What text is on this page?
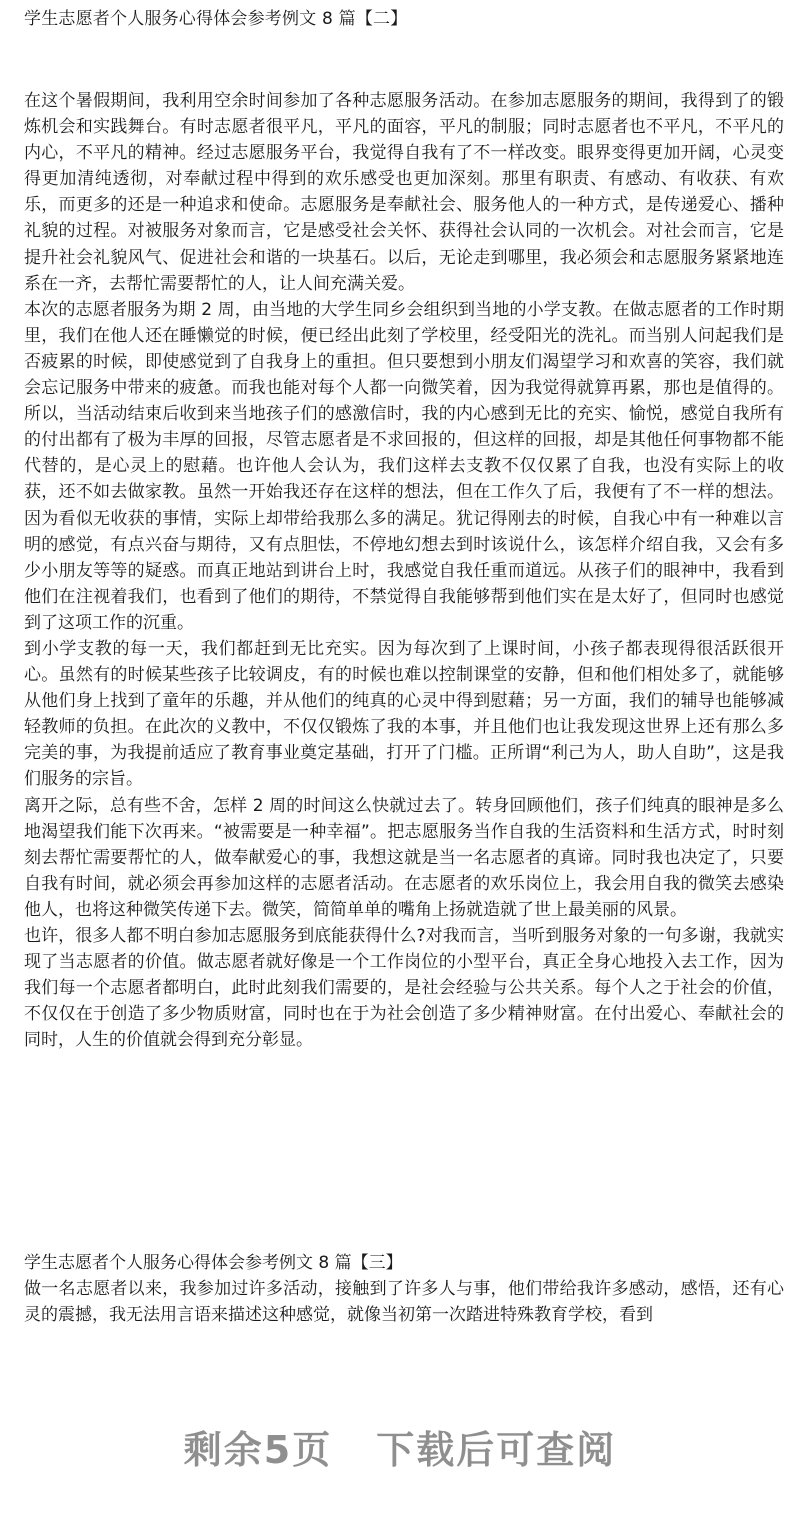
学生志愿者个人服务心得体会参考例文 8 篇【二】

在这个暑假期间，我利用空余时间参加了各种志愿服务活动。在参加志愿服务的期间，我得到了的锻炼机会和实践舞台。有时志愿者很平凡，平凡的面容，平凡的制服；同时志愿者也不平凡，不平凡的内心，不平凡的精神。经过志愿服务平台，我觉得自我有了不一样改变。眼界变得更加开阔，心灵变得更加清纯透彻，对奉献过程中得到的欢乐感受也更加深刻。那里有职责、有感动、有收获、有欢乐，而更多的还是一种追求和使命。志愿服务是奉献社会、服务他人的一种方式，是传递爱心、播种礼貌的过程。对被服务对象而言，它是感受社会关怀、获得社会认同的一次机会。对社会而言，它是提升社会礼貌风气、促进社会和谐的一块基石。以后，无论走到哪里，我必须会和志愿服务紧紧地连系在一齐，去帮忙需要帮忙的人，让人间充满关爱。

本次的志愿者服务为期 2 周，由当地的大学生同乡会组织到当地的小学支教。在做志愿者的工作时期里，我们在他人还在睡懒觉的时候，便已经出此刻了学校里，经受阳光的洗礼。而当别人问起我们是否疲累的时候，即使感觉到了自我身上的重担。但只要想到小朋友们渴望学习和欢喜的笑容，我们就会忘记服务中带来的疲惫。而我也能对每个人都一向微笑着，因为我觉得就算再累，那也是值得的。所以，当活动结束后收到来当地孩子们的感激信时，我的内心感到无比的充实、愉悦，感觉自我所有的付出都有了极为丰厚的回报，尽管志愿者是不求回报的，但这样的回报，却是其他任何事物都不能代替的，是心灵上的慰藉。也许他人会认为，我们这样去支教不仅仅累了自我，也没有实际上的收获，还不如去做家教。虽然一开始我还存在这样的想法，但在工作久了后，我便有了不一样的想法。因为看似无收获的事情，实际上却带给我那么多的满足。犹记得刚去的时候，自我心中有一种难以言明的感觉，有点兴奋与期待，又有点胆怯，不停地幻想去到时该说什么，该怎样介绍自我，又会有多少小朋友等等的疑惑。而真正地站到讲台上时，我感觉自我任重而道远。从孩子们的眼神中，我看到他们在注视着我们，也看到了他们的期待，不禁觉得自我能够帮到他们实在是太好了，但同时也感觉到了这项工作的沉重。

到小学支教的每一天，我们都赶到无比充实。因为每次到了上课时间，小孩子都表现得很活跃很开心。虽然有的时候某些孩子比较调皮，有的时候也难以控制课堂的安静，但和他们相处多了，就能够从他们身上找到了童年的乐趣，并从他们的纯真的心灵中得到慰藉；另一方面，我们的辅导也能够减轻教师的负担。在此次的义教中，不仅仅锻炼了我的本事，并且他们也让我发现这世界上还有那么多完美的事，为我提前适应了教育事业奠定基础，打开了门槛。正所谓“利己为人，助人自助”，这是我们服务的宗旨。

离开之际，总有些不舍，怎样 2 周的时间这么快就过去了。转身回顾他们，孩子们纯真的眼神是多么地渴望我们能下次再来。“被需要是一种幸福”。把志愿服务当作自我的生活资料和生活方式，时时刻刻去帮忙需要帮忙的人，做奉献爱心的事，我想这就是当一名志愿者的真谛。同时我也决定了，只要自我有时间，就必须会再参加这样的志愿者活动。在志愿者的欢乐岗位上，我会用自我的微笑去感染他人，也将这种微笑传递下去。微笑，简简单单的嘴角上扬就造就了世上最美丽的风景。

也许，很多人都不明白参加志愿服务到底能获得什么?对我而言，当听到服务对象的一句多谢，我就实现了当志愿者的价值。做志愿者就好像是一个工作岗位的小型平台，真正全身心地投入去工作，因为我们每一个志愿者都明白，此时此刻我们需要的，是社会经验与公共关系。每个人之于社会的价值，不仅仅在于创造了多少物质财富，同时也在于为社会创造了多少精神财富。在付出爱心、奉献社会的同时，人生的价值就会得到充分彰显。

学生志愿者个人服务心得体会参考例文 8 篇【三】

做一名志愿者以来，我参加过许多活动，接触到了许多人与事，他们带给我许多感动，感悟，还有心灵的震撼，我无法用言语来描述这种感觉，就像当初第一次踏进特殊教育学校，看到

剩余5页 下载后可查阅
